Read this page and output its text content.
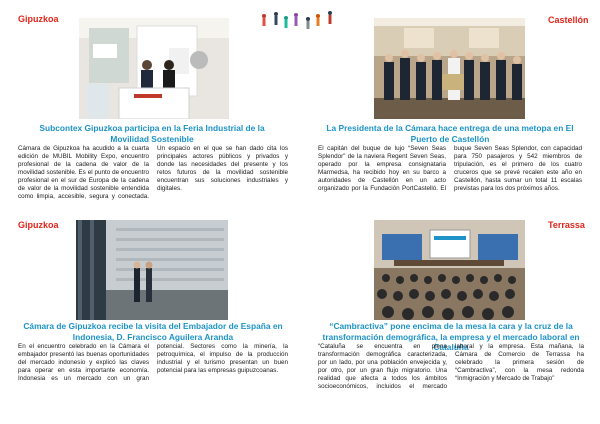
Gipuzkoa
Subcontex Gipuzkoa participa en la Feria Industrial de la Movilidad Sostenible

Cámara de Gipuzkoa ha acudido a la cuarta edición de MUBIL Mobility Expo, encuentro profesional de la cadena de valor de la movilidad sostenible. Es el punto de encuentro profesional en el sur de Europa de la cadena de valor de la movilidad sostenible entendida como limpia, accesible, segura y conectada. Un espacio en el que se han dado cita los principales actores públicos y privados y donde las necesidades del presente y los retos futuros de la movilidad sostenible encuentran sus soluciones industriales y digitales.

Castellón
La Presidenta de la Cámara hace entrega de una metopa en El Puerto de Castellón

El capitán del buque de lujo “Seven Seas Splendor” de la naviera Regent Seven Seas, operado por la empresa consignataria Marmedsa, ha recibido hoy en su barco a autoridades de Castellón en un acto organizado por la Fundación PortCastelló. El buque Seven Seas Splendor, con capacidad para 750 pasajeros y 542 miembros de tripulación, es el primero de los cuatro cruceros que se prevé recalen este año en Castellón, hasta sumar un total 11 escalas previstas para los dos próximos años.

Gipuzkoa
Cámara de Gipuzkoa recibe la visita del Embajador de España en Indonesia, D. Francisco Aguilera Aranda

En el encuentro celebrado en la Cámara el embajador presentó las buenas oportunidades del mercado indonesio y explicó las claves para operar en esta importante economía. Indonesia es un mercado con un gran potencial. Sectores como la minería, la petroquímica, el impulso de la producción industrial y el turismo presentan un buen potencial para las empresas guipuzcoanas.

Terrassa
“Cambractiva” pone encima de la mesa la cara y la cruz de la transformación demográfica, la empresa y el mercado laboral en Cataluña

“Cataluña se encuentra en plena transformación demográfica caracterizada, por un lado, por una población envejecida y, por otro, por un gran flujo migratorio. Una realidad que afecta a todos los ámbitos socioeconómicos, incluidos el mercado laboral y la empresa. Esta mañana, la Cámara de Comercio de Terrassa ha celebrado la primera sesión de “Cambractiva”, con la mesa redonda “Inmigración y Mercado de Trabajo”
